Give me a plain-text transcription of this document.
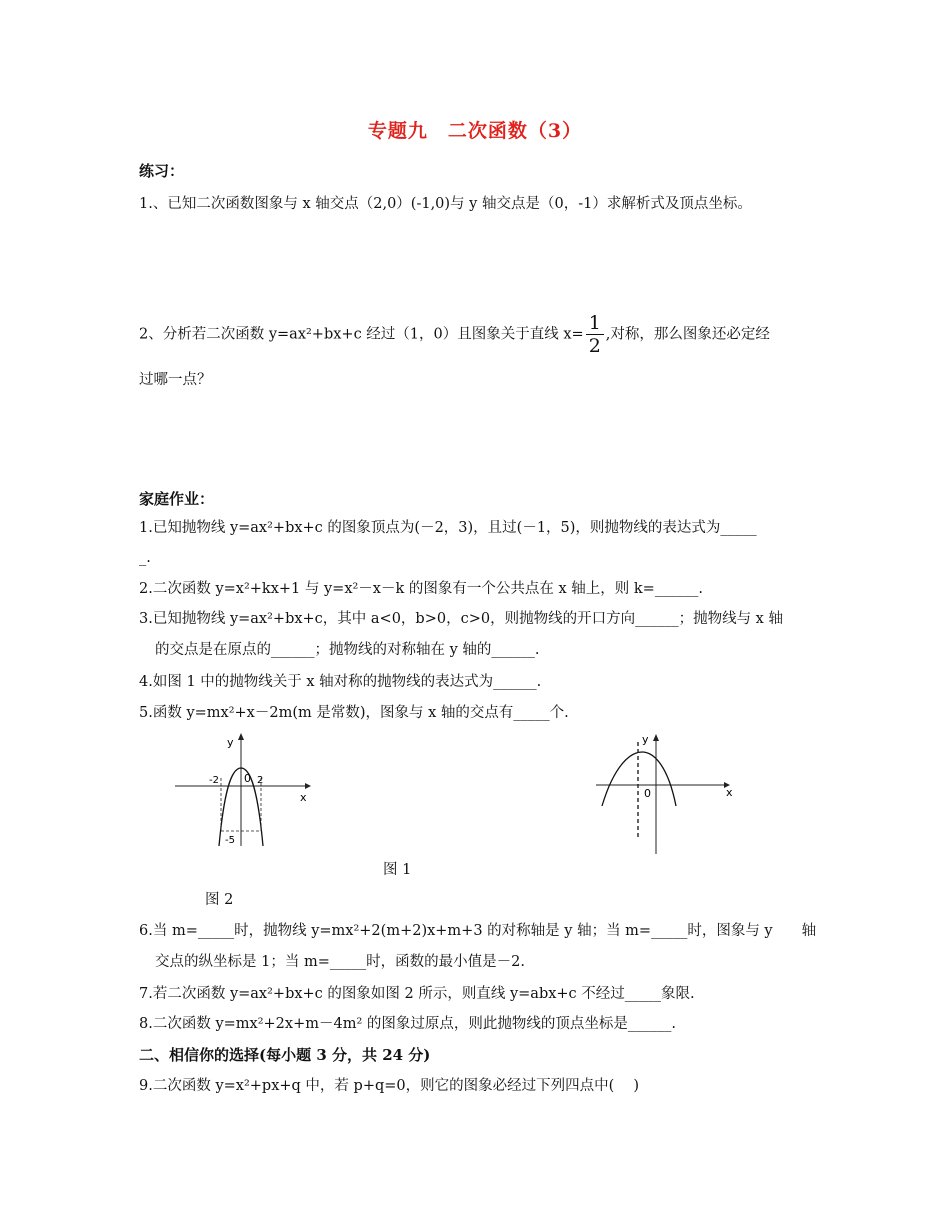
专题九　二次函数（3）
练习：
1.、已知二次函数图象与 x 轴交点（2,0）(-1,0)与 y 轴交点是（0，-1）求解析式及顶点坐标。
2、分析若二次函数 y=ax²+bx+c 经过（1，0）且图象关于直线 $x= \frac{1}{2}$ ,对称，那么图象还必定经
过哪一点？
家庭作业：
1.已知抛物线 y=ax²+bx+c 的图象顶点为(－2，3)，且过(－1，5)，则抛物线的表达式为_____
_.
2.二次函数 y=x²+kx+1 与 y=x²－x－k 的图象有一个公共点在 x 轴上，则 k=______.
3.已知抛物线 y=ax²+bx+c，其中 a<0，b>0，c>0，则抛物线的开口方向______；抛物线与 x 轴
的交点是在原点的______；抛物线的对称轴在 y 轴的______.
4.如图 1 中的抛物线关于 x 轴对称的抛物线的表达式为______.
5.函数 y=mx²+x－2m(m 是常数)，图象与 x 轴的交点有_____个.
y
x
0
-2	2
-5
y
x
0
图 1
图 2
6.当 m=_____时，抛物线 y=mx²+2(m+2)x+m+3 的对称轴是 y 轴；当 m=_____时，图象与 y　　轴
交点的纵坐标是 1；当 m=_____时，函数的最小值是－2.
7.若二次函数 y=ax²+bx+c 的图象如图 2 所示，则直线 y=abx+c 不经过_____象限.
8.二次函数 y=mx²+2x+m－4m² 的图象过原点，则此抛物线的顶点坐标是______.
二、相信你的选择(每小题 3 分，共 24 分)
9.二次函数 y=x²+px+q 中，若 p+q=0，则它的图象必经过下列四点中(　 )
